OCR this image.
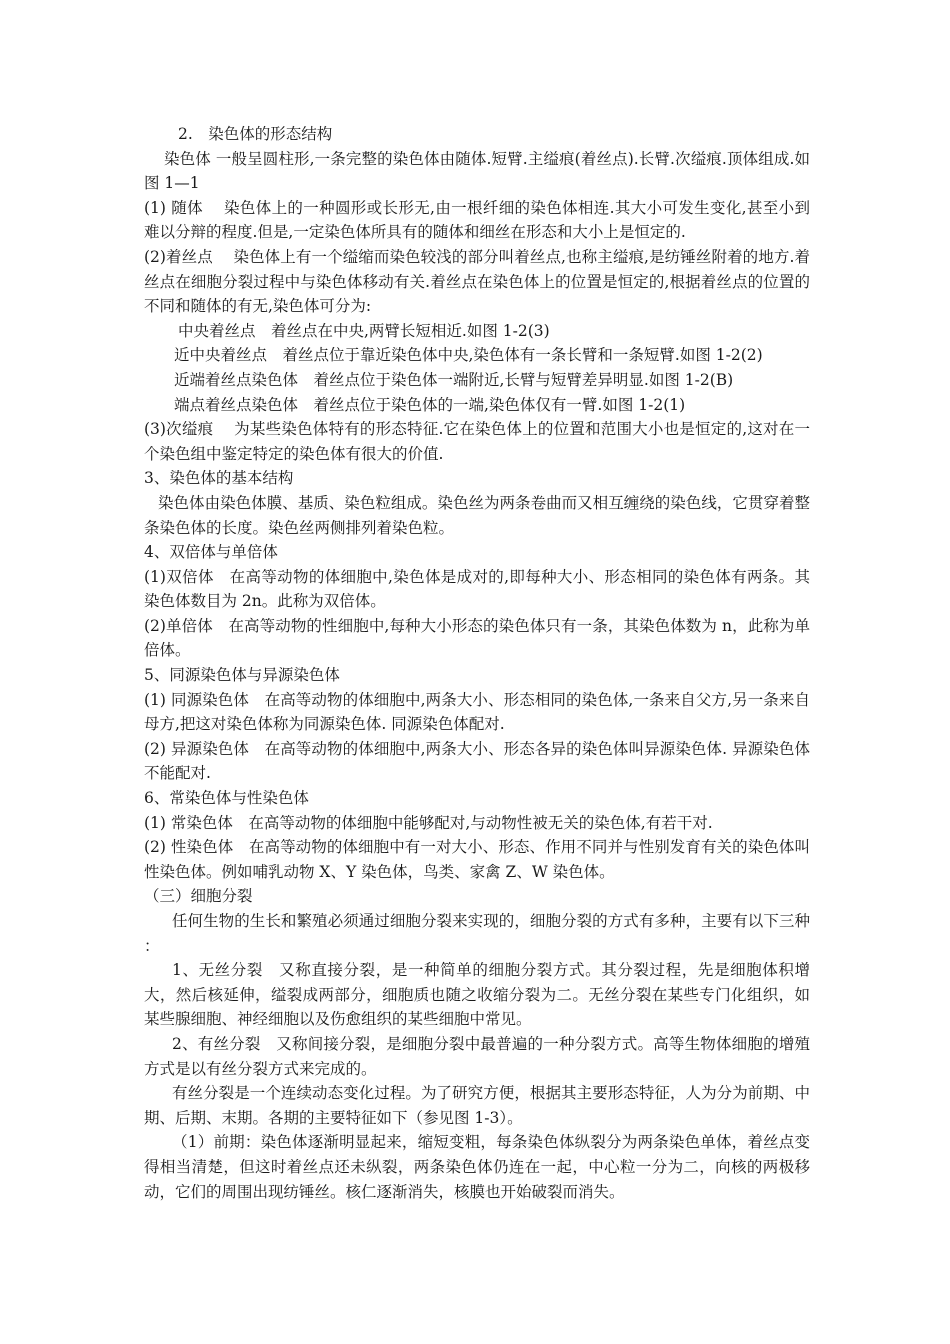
2.　染色体的形态结构

染色体 一般呈圆柱形,一条完整的染色体由随体.短臂.主缢痕(着丝点).长臂.次缢痕.顶体组成.如图 1—1

(1) 随体　 染色体上的一种圆形或长形无,由一根纤细的染色体相连.其大小可发生变化,甚至小到难以分辩的程度.但是,一定染色体所具有的随体和细丝在形态和大小上是恒定的.

(2)着丝点　 染色体上有一个缢缩而染色较浅的部分叫着丝点,也称主缢痕,是纺锤丝附着的地方.着丝点在细胞分裂过程中与染色体移动有关.着丝点在染色体上的位置是恒定的,根据着丝点的位置的不同和随体的有无,染色体可分为:

中央着丝点　着丝点在中央,两臂长短相近.如图 1-2(3)

近中央着丝点　着丝点位于靠近染色体中央,染色体有一条长臂和一条短臂.如图 1-2(2)

近端着丝点染色体　着丝点位于染色体一端附近,长臂与短臂差异明显.如图 1-2(B)

端点着丝点染色体　着丝点位于染色体的一端,染色体仅有一臂.如图 1-2(1)

(3)次缢痕　 为某些染色体特有的形态特征.它在染色体上的位置和范围大小也是恒定的,这对在一个染色组中鉴定特定的染色体有很大的价值.

3、染色体的基本结构

染色体由染色体膜、基质、染色粒组成。染色丝为两条卷曲而又相互缠绕的染色线，它贯穿着整条染色体的长度。染色丝两侧排列着染色粒。

4、双倍体与单倍体

(1)双倍体　在高等动物的体细胞中,染色体是成对的,即每种大小、形态相同的染色体有两条。其染色体数目为 2n。此称为双倍体。

(2)单倍体　在高等动物的性细胞中,每种大小形态的染色体只有一条，其染色体数为 n，此称为单倍体。

5、同源染色体与异源染色体

(1) 同源染色体　在高等动物的体细胞中,两条大小、形态相同的染色体,一条来自父方,另一条来自母方,把这对染色体称为同源染色体. 同源染色体配对.

(2) 异源染色体　在高等动物的体细胞中,两条大小、形态各异的染色体叫异源染色体. 异源染色体不能配对.

6、常染色体与性染色体

(1) 常染色体　在高等动物的体细胞中能够配对,与动物性被无关的染色体,有若干对.

(2) 性染色体　在高等动物的体细胞中有一对大小、形态、作用不同并与性别发育有关的染色体叫性染色体。例如哺乳动物 X、Y 染色体，鸟类、家禽 Z、W 染色体。

（三）细胞分裂

任何生物的生长和繁殖必须通过细胞分裂来实现的，细胞分裂的方式有多种，主要有以下三种 ：

1、无丝分裂　又称直接分裂，是一种简单的细胞分裂方式。其分裂过程，先是细胞体积增大，然后核延伸，缢裂成两部分，细胞质也随之收缩分裂为二。无丝分裂在某些专门化组织，如某些腺细胞、神经细胞以及伤愈组织的某些细胞中常见。

2、有丝分裂　又称间接分裂，是细胞分裂中最普遍的一种分裂方式。高等生物体细胞的增殖方式是以有丝分裂方式来完成的。

有丝分裂是一个连续动态变化过程。为了研究方便，根据其主要形态特征，人为分为前期、中期、后期、末期。各期的主要特征如下（参见图 1-3）。

（1）前期：染色体逐渐明显起来，缩短变粗，每条染色体纵裂分为两条染色单体，着丝点变得相当清楚，但这时着丝点还未纵裂，两条染色体仍连在一起，中心粒一分为二，向核的两极移动，它们的周围出现纺锤丝。核仁逐渐消失，核膜也开始破裂而消失。
